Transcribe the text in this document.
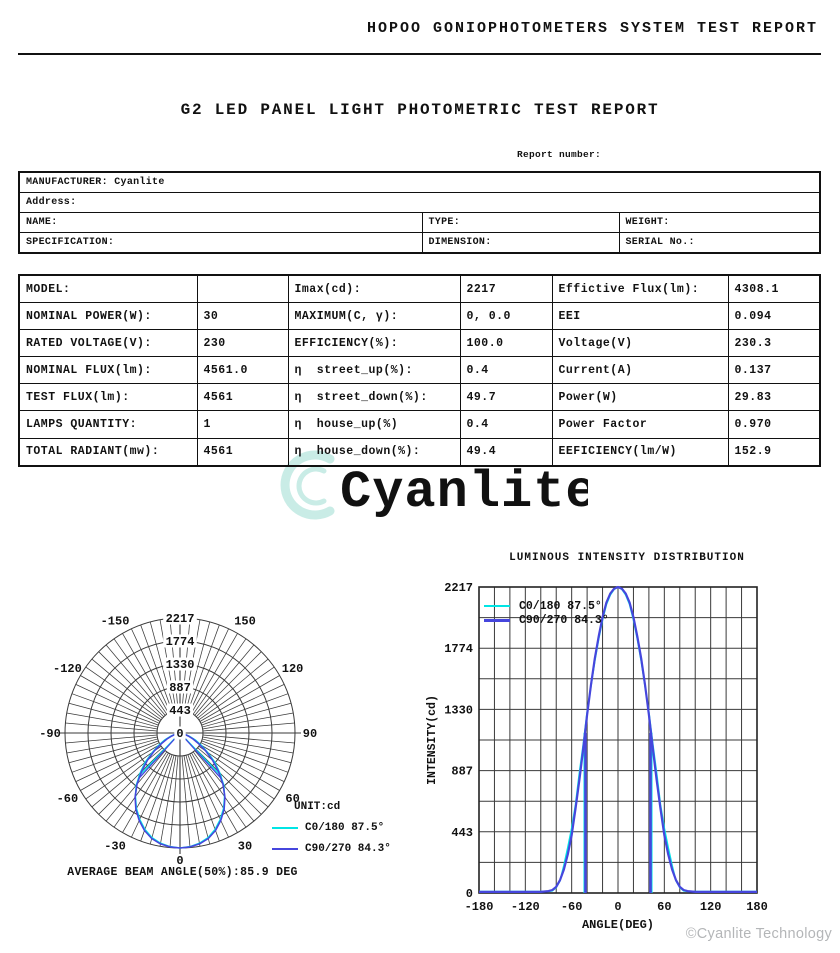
HOPOO GONIOPHOTOMETERS SYSTEM TEST REPORT
G2 LED PANEL LIGHT PHOTOMETRIC TEST REPORT
Report number:
MANUFACTURER: Cyanlite		
Address:		
NAME:	TYPE:	WEIGHT:
SPECIFICATION:	DIMENSION:	SERIAL No.:
MODEL:		Imax(cd):	2217	Effictive Flux(lm):	4308.1
NOMINAL POWER(W):	30	MAXIMUM(C, γ):	0, 0.0	EEI	0.094
RATED VOLTAGE(V):	230	EFFICIENCY(%):	100.0	Voltage(V)	230.3
NOMINAL FLUX(lm):	4561.0	η  street_up(%):	0.4	Current(A)	0.137
TEST FLUX(lm):	4561	η  street_down(%):	49.7	Power(W)	29.83
LAMPS QUANTITY:	1	η  house_up(%)	0.4	Power Factor	0.970
TOTAL RADIANT(mw):	4561	η  house_down(%):	49.4	EEFICIENCY(lm/W)	152.9
Cyanlite
2217
1774
1330
887
443
0
-150
-120
-90
-60
-30
0
30
60
90
120
150
UNIT:cd
C0/180 87.5°
C90/270 84.3°
AVERAGE BEAM ANGLE(50%):85.9 DEG
LUMINOUS INTENSITY DISTRIBUTION
0
443
887
1330
1774
2217
-180 -120 -60	0	60 120 180
ANGLE(DEG)
INTENSITY(cd)
C0/180 87.5°
C90/270 84.3°
©Cyanlite Technology
